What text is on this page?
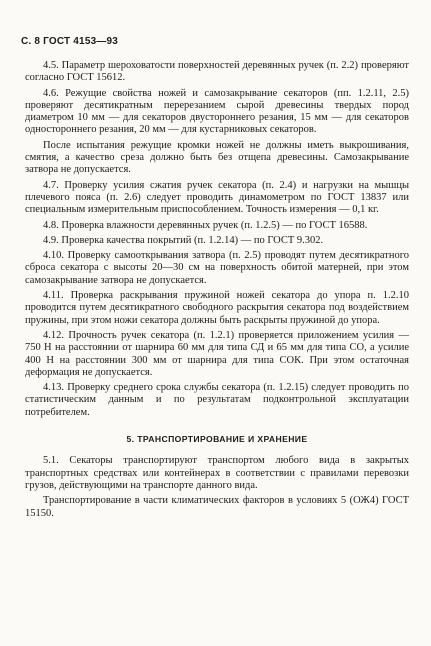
С. 8 ГОСТ 4153—93

4.5. Параметр шероховатости поверхностей деревянных ручек (п. 2.2) проверяют согласно ГОСТ 15612.

4.6. Режущие свойства ножей и самозакрывание секаторов (пп. 1.2.11, 2.5) проверяют десятикратным перерезанием сырой древесины твердых пород диаметром 10 мм — для секаторов двустороннего резания, 15 мм — для секаторов одностороннего резания, 20 мм — для кустарниковых секаторов.

После испытания режущие кромки ножей не должны иметь выкрошивания, смятия, а качество среза должно быть без отщепа древесины. Самозакрывание затвора не допускается.

4.7. Проверку усилия сжатия ручек секатора (п. 2.4) и нагрузки на мышцы плечевого пояса (п. 2.6) следует проводить динамометром по ГОСТ 13837 или специальным измерительным приспособлением. Точность измерения — 0,1 кг.

4.8. Проверка влажности деревянных ручек (п. 1.2.5) — по ГОСТ 16588.

4.9. Проверка качества покрытий (п. 1.2.14) — по ГОСТ 9.302.

4.10. Проверку самооткрывания затвора (п. 2.5) проводят путем десятикратного сброса секатора с высоты 20—30 см на поверхность обитой матерней, при этом самозакрывание затвора не допускается.

4.11. Проверка раскрывания пружиной ножей секатора до упора п. 1.2.10 проводится путем десятикратного свободного раскрытия секатора под воздействием пружины, при этом ножи секатора должны быть раскрыты пружиной до упора.

4.12. Прочность ручек секатора (п. 1.2.1) проверяется приложением усилия — 750 Н на расстоянии от шарнира 60 мм для типа СД и 65 мм для типа СО, а усилие 400 Н на расстоянии 300 мм от шарнира для типа СОК. При этом остаточная деформация не допускается.

4.13. Проверку среднего срока службы секатора (п. 1.2.15) следует проводить по статистическим данным и по результатам подконтрольной эксплуатации потребителем.

5. ТРАНСПОРТИРОВАНИЕ И ХРАНЕНИЕ

5.1. Секаторы транспортируют транспортом любого вида в закрытых транспортных средствах или контейнерах в соответствии с правилами перевозки грузов, действующими на транспорте данного вида.

Транспортирование в части климатических факторов в условиях 5 (ОЖ4) ГОСТ 15150.
